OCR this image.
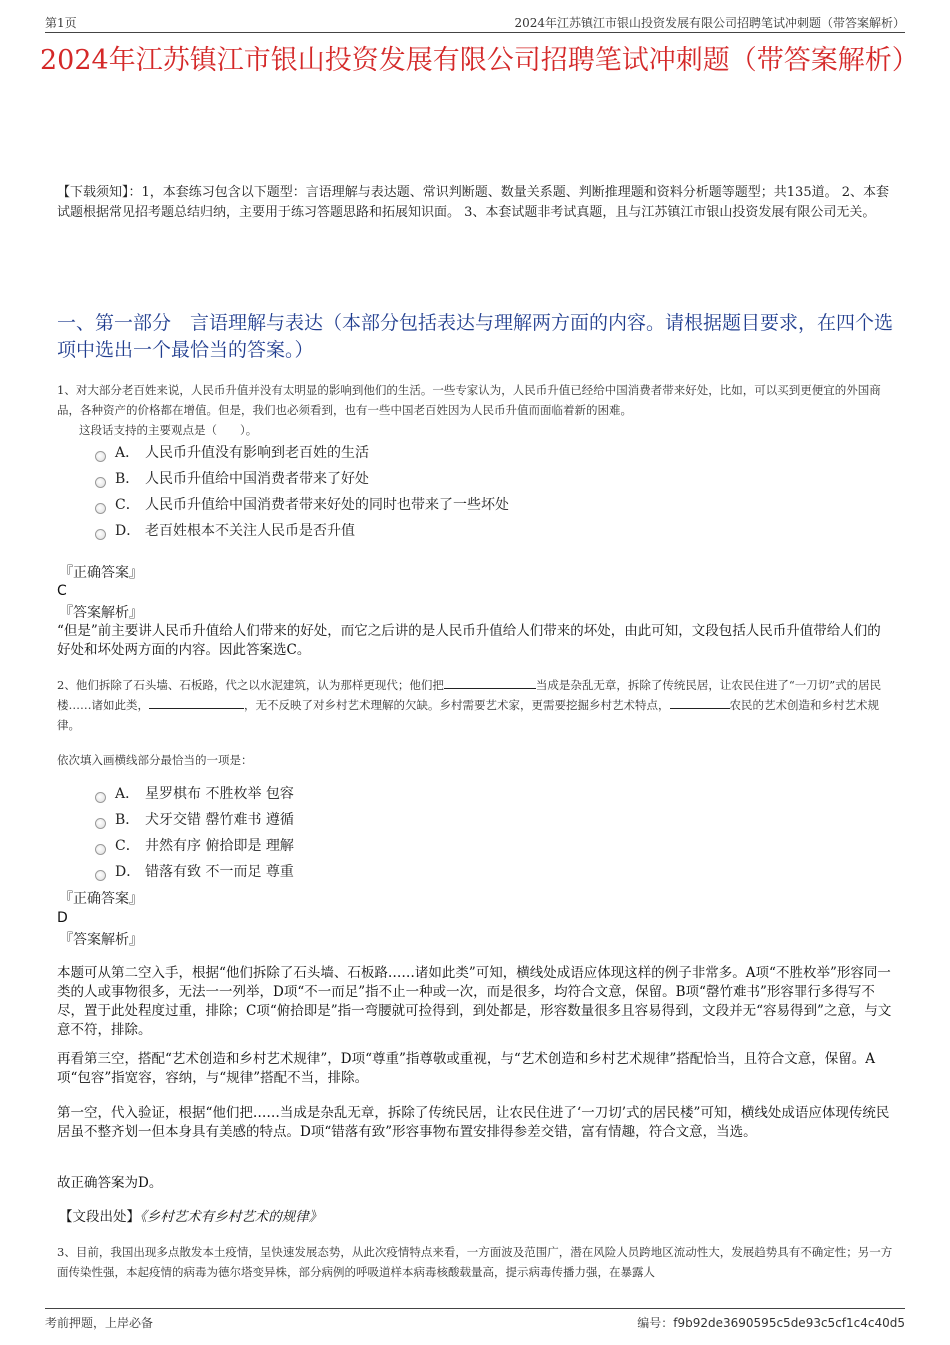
第1页	2024年江苏镇江市银山投资发展有限公司招聘笔试冲刺题（带答案解析）
2024年江苏镇江市银山投资发展有限公司招聘笔试冲刺题（带答案解析）
【下载须知】：1，本套练习包含以下题型：言语理解与表达题、常识判断题、数量关系题、判断推理题和资料分析题等题型；共135道。 2、本套试题根据常见招考题总结归纳，主要用于练习答题思路和拓展知识面。 3、本套试题非考试真题，且与江苏镇江市银山投资发展有限公司无关。
一、第一部分　言语理解与表达（本部分包括表达与理解两方面的内容。请根据题目要求，在四个选项中选出一个最恰当的答案。）
1、对大部分老百姓来说，人民币升值并没有太明显的影响到他们的生活。一些专家认为，人民币升值已经给中国消费者带来好处，比如，可以买到更便宜的外国商品，各种资产的价格都在增值。但是，我们也必须看到，也有一些中国老百姓因为人民币升值而面临着新的困难。
这段话支持的主要观点是（　　）。
A． 人民币升值没有影响到老百姓的生活
B． 人民币升值给中国消费者带来了好处
C． 人民币升值给中国消费者带来好处的同时也带来了一些坏处
D． 老百姓根本不关注人民币是否升值
『正确答案』
C
『答案解析』
“但是”前主要讲人民币升值给人们带来的好处，而它之后讲的是人民币升值给人们带来的坏处，由此可知，文段包括人民币升值带给人们的好处和坏处两方面的内容。因此答案选C。
2、他们拆除了石头墙、石板路，代之以水泥建筑，认为那样更现代；他们把	当成是杂乱无章，拆除了传统民居，让农民住进了“一刀切”式的居民楼……诸如此类，	，无不反映了对乡村艺术理解的欠缺。乡村需要艺术家，更需要挖掘乡村艺术特点，	农民的艺术创造和乡村艺术规律。
依次填入画横线部分最恰当的一项是：
A． 星罗棋布 不胜枚举 包容
B． 犬牙交错 罄竹难书 遵循
C． 井然有序 俯拾即是 理解
D． 错落有致 不一而足 尊重
『正确答案』
D
『答案解析』
本题可从第二空入手，根据“他们拆除了石头墙、石板路……诸如此类”可知，横线处成语应体现这样的例子非常多。A项“不胜枚举”形容同一类的人或事物很多，无法一一列举，D项“不一而足”指不止一种或一次，而是很多，均符合文意，保留。B项“罄竹难书”形容罪行多得写不尽，置于此处程度过重，排除；C项“俯拾即是”指一弯腰就可捡得到，到处都是，形容数量很多且容易得到，文段并无“容易得到”之意，与文意不符，排除。
再看第三空，搭配“艺术创造和乡村艺术规律”，D项“尊重”指尊敬或重视，与“艺术创造和乡村艺术规律”搭配恰当，且符合文意，保留。A项“包容”指宽容，容纳，与“规律”搭配不当，排除。
第一空，代入验证，根据“他们把……当成是杂乱无章，拆除了传统民居，让农民住进了‘一刀切’式的居民楼”可知，横线处成语应体现传统民居虽不整齐划一但本身具有美感的特点。D项“错落有致”形容事物布置安排得参差交错，富有情趣，符合文意，当选。
故正确答案为D。
【文段出处】《乡村艺术有乡村艺术的规律》
3、目前，我国出现多点散发本土疫情，呈快速发展态势，从此次疫情特点来看，一方面波及范围广，潜在风险人员跨地区流动性大，发展趋势具有不确定性；另一方面传染性强，本起疫情的病毒为德尔塔变异株，部分病例的呼吸道样本病毒核酸载量高，提示病毒传播力强，在暴露人
考前押题，上岸必备	编号：f9b92de3690595c5de93c5cf1c4c40d5
